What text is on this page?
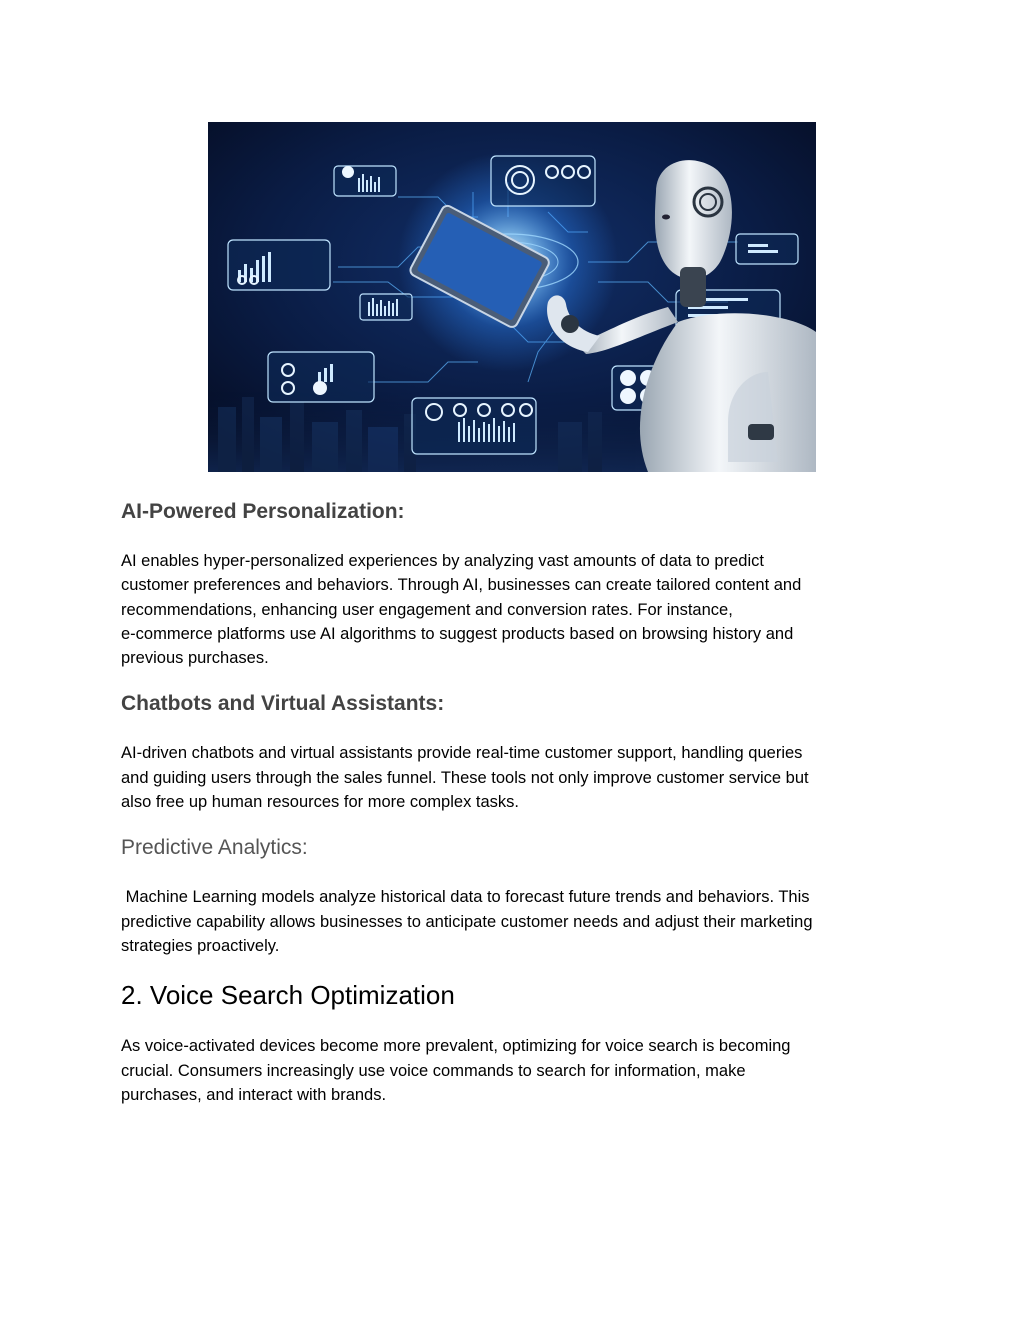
AI-Powered Personalization:

AI enables hyper-personalized experiences by analyzing vast amounts of data to predict
customer preferences and behaviors. Through AI, businesses can create tailored content and
recommendations, enhancing user engagement and conversion rates. For instance,
e-commerce platforms use AI algorithms to suggest products based on browsing history and
previous purchases.

Chatbots and Virtual Assistants:

AI-driven chatbots and virtual assistants provide real-time customer support, handling queries
and guiding users through the sales funnel. These tools not only improve customer service but
also free up human resources for more complex tasks.

Predictive Analytics:

Machine Learning models analyze historical data to forecast future trends and behaviors. This
predictive capability allows businesses to anticipate customer needs and adjust their marketing
strategies proactively.

2. Voice Search Optimization

As voice-activated devices become more prevalent, optimizing for voice search is becoming
crucial. Consumers increasingly use voice commands to search for information, make
purchases, and interact with brands.
